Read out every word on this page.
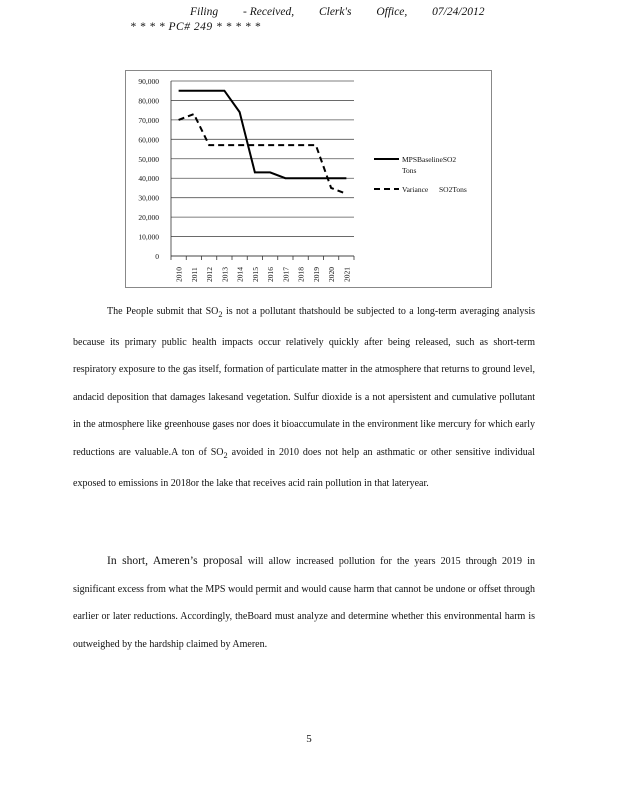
Filing - Received, Clerk's Office, 07/24/2012
* * * * PC# 249 * * * * *
0
10,000
20,000
30,000
40,000
50,000
60,000
70,000
80,000
90,000
2010 2011 2012 2013 2014 2015 2016 2017 2018 2019 2020 2021
MPSBaselineSO2
Tons
Variance SO2Tons
The People submit that $SO_2$ is not a pollutant thatshould be subjected to a long-term averaging analysis because its primary public health impacts occur relatively quickly after being released, such as short-term respiratory exposure to the gas itself, formation of particulate matter in the atmosphere that returns to ground level, andacid deposition that damages lakesand vegetation. Sulfur dioxide is a not apersistent and cumulative pollutant in the atmosphere like greenhouse gases nor does it bioaccumulate in the environment like mercury for which early reductions are valuable.A ton of $SO_2$ avoided in 2010 does not help an asthmatic or other sensitive individual exposed to emissions in 2018or the lake that receives acid rain pollution in that lateryear.
In short, Ameren’s proposal will allow increased pollution for the years 2015 through 2019 in significant excess from what the MPS would permit and would cause harm that cannot be undone or offset through earlier or later reductions. Accordingly, theBoard must analyze and determine whether this environmental harm is outweighed by the hardship claimed by Ameren.
5
